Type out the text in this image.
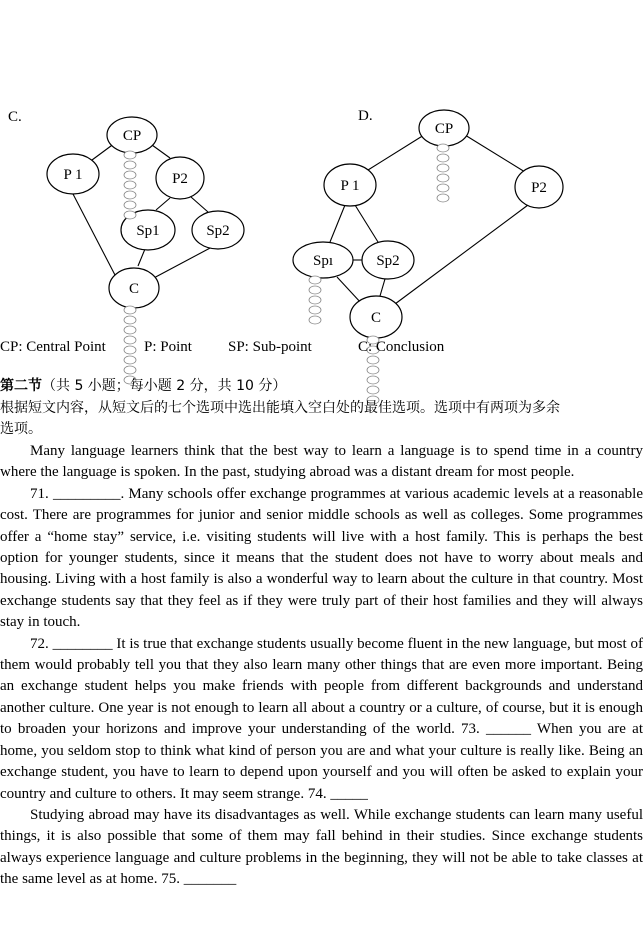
C.
CP
P 1	P2
Sp1	Sp2
C
D.
CP
P 1	P2
Spı	Sp2
C
CP: Central Point	P: Point SP: Sub-point	C: Conclusion
第二节（共 5 小题；每小题 2 分，共 10 分）
根据短文内容，从短文后的七个选项中选出能填入空白处的最佳选项。选项中有两项为多余
选项。

Many language learners think that the best way to learn a language is to spend time in a country where the language is spoken. In the past, studying abroad was a distant dream for most people.

71. _________. Many schools offer exchange programmes at various academic levels at a reasonable cost. There are programmes for junior and senior middle schools as well as colleges. Some programmes offer a “home stay” service, i.e. visiting students will live with a host family. This is perhaps the best option for younger students, since it means that the student does not have to worry about meals and housing. Living with a host family is also a wonderful way to learn about the culture in that country. Most exchange students say that they feel as if they were truly part of their host families and they will always stay in touch.

72. ________ It is true that exchange students usually become fluent in the new language, but most of them would probably tell you that they also learn many other things that are even more important. Being an exchange student helps you make friends with people from different backgrounds and understand another culture. One year is not enough to learn all about a country or a culture, of course, but it is enough to broaden your horizons and improve your understanding of the world. 73. ______ When you are at home, you seldom stop to think what kind of person you are and what your culture is really like. Being an exchange student, you have to learn to depend upon yourself and you will often be asked to explain your country and culture to others. It may seem strange. 74. _____

Studying abroad may have its disadvantages as well. While exchange students can learn many useful things, it is also possible that some of them may fall behind in their studies. Since exchange students always experience language and culture problems in the beginning, they will not be able to take classes at the same level as at home. 75. _______
